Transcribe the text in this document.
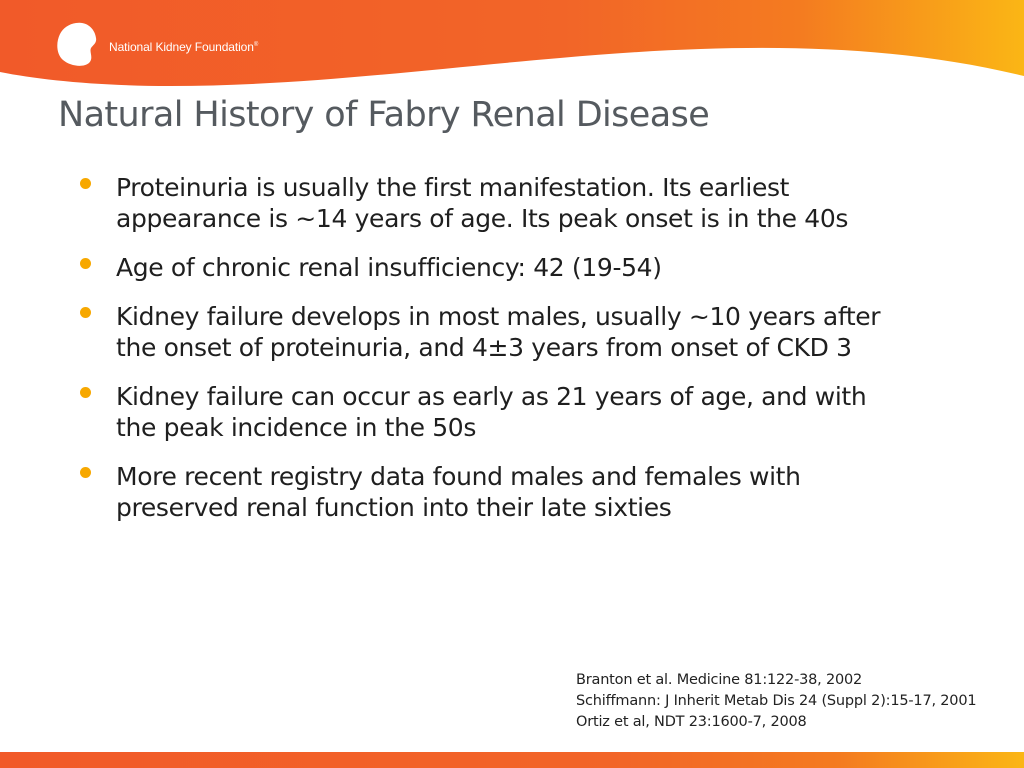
National Kidney Foundation®
Natural History of Fabry Renal Disease
Proteinuria is usually the first manifestation. Its earliest
appearance is ~14 years of age. Its peak onset is in the 40s
Age of chronic renal insufficiency: 42 (19-54)
Kidney failure develops in most males, usually ~10 years after
the onset of proteinuria, and 4±3 years from onset of CKD 3
Kidney failure can occur as early as 21 years of age, and with
the peak incidence in the 50s
More recent registry data found males and females with
preserved renal function into their late sixties
Branton et al. Medicine 81:122-38, 2002
Schiffmann: J Inherit Metab Dis 24 (Suppl 2):15-17, 2001
Ortiz et al, NDT 23:1600-7, 2008
